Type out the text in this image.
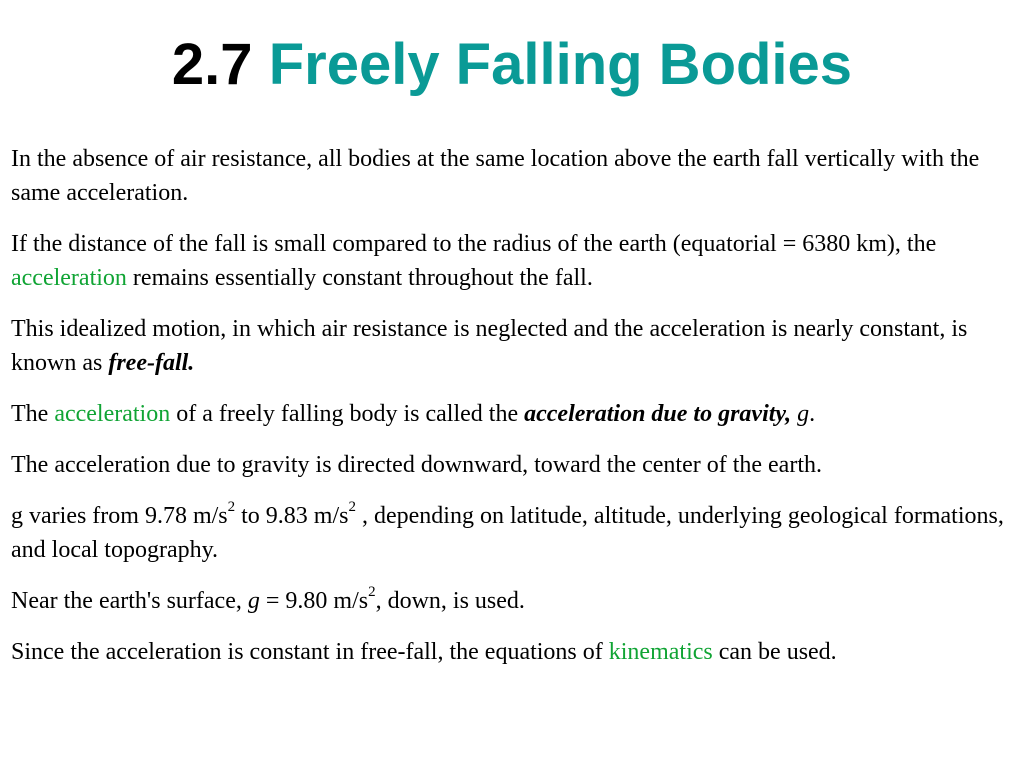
2.7 Freely Falling Bodies

In the absence of air resistance, all bodies at the same location above the earth fall vertically with the same acceleration.

If the distance of the fall is small compared to the radius of the earth (equatorial = 6380 km), the acceleration remains essentially constant throughout the fall.

This idealized motion, in which air resistance is neglected and the acceleration is nearly constant, is known as free-fall.

The acceleration of a freely falling body is called the acceleration due to gravity, g.

The acceleration due to gravity is directed downward, toward the center of the earth.

g varies from 9.78 $m/s^2$ to 9.83 $m/s^2$ , depending on latitude, altitude, underlying geological formations, and local topography.

Near the earth's surface, g = 9.80 $m/s^2$, down, is used.

Since the acceleration is constant in free-fall, the equations of kinematics can be used.
